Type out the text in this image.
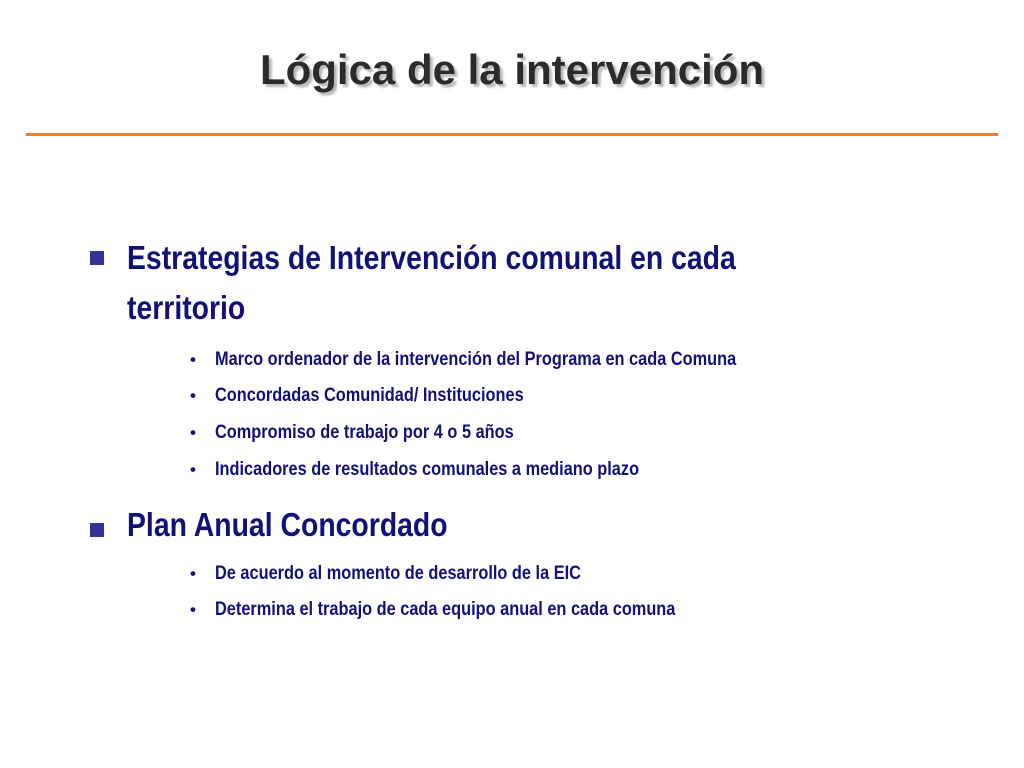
Lógica de la intervención
Estrategias de Intervención comunal en cada territorio
• Marco ordenador de la intervención del Programa en cada Comuna
• Concordadas Comunidad/ Instituciones
• Compromiso de trabajo por 4 o 5 años
• Indicadores de resultados comunales a mediano plazo
Plan Anual Concordado
• De acuerdo al momento de desarrollo de la EIC
• Determina el trabajo de cada equipo anual en cada comuna
